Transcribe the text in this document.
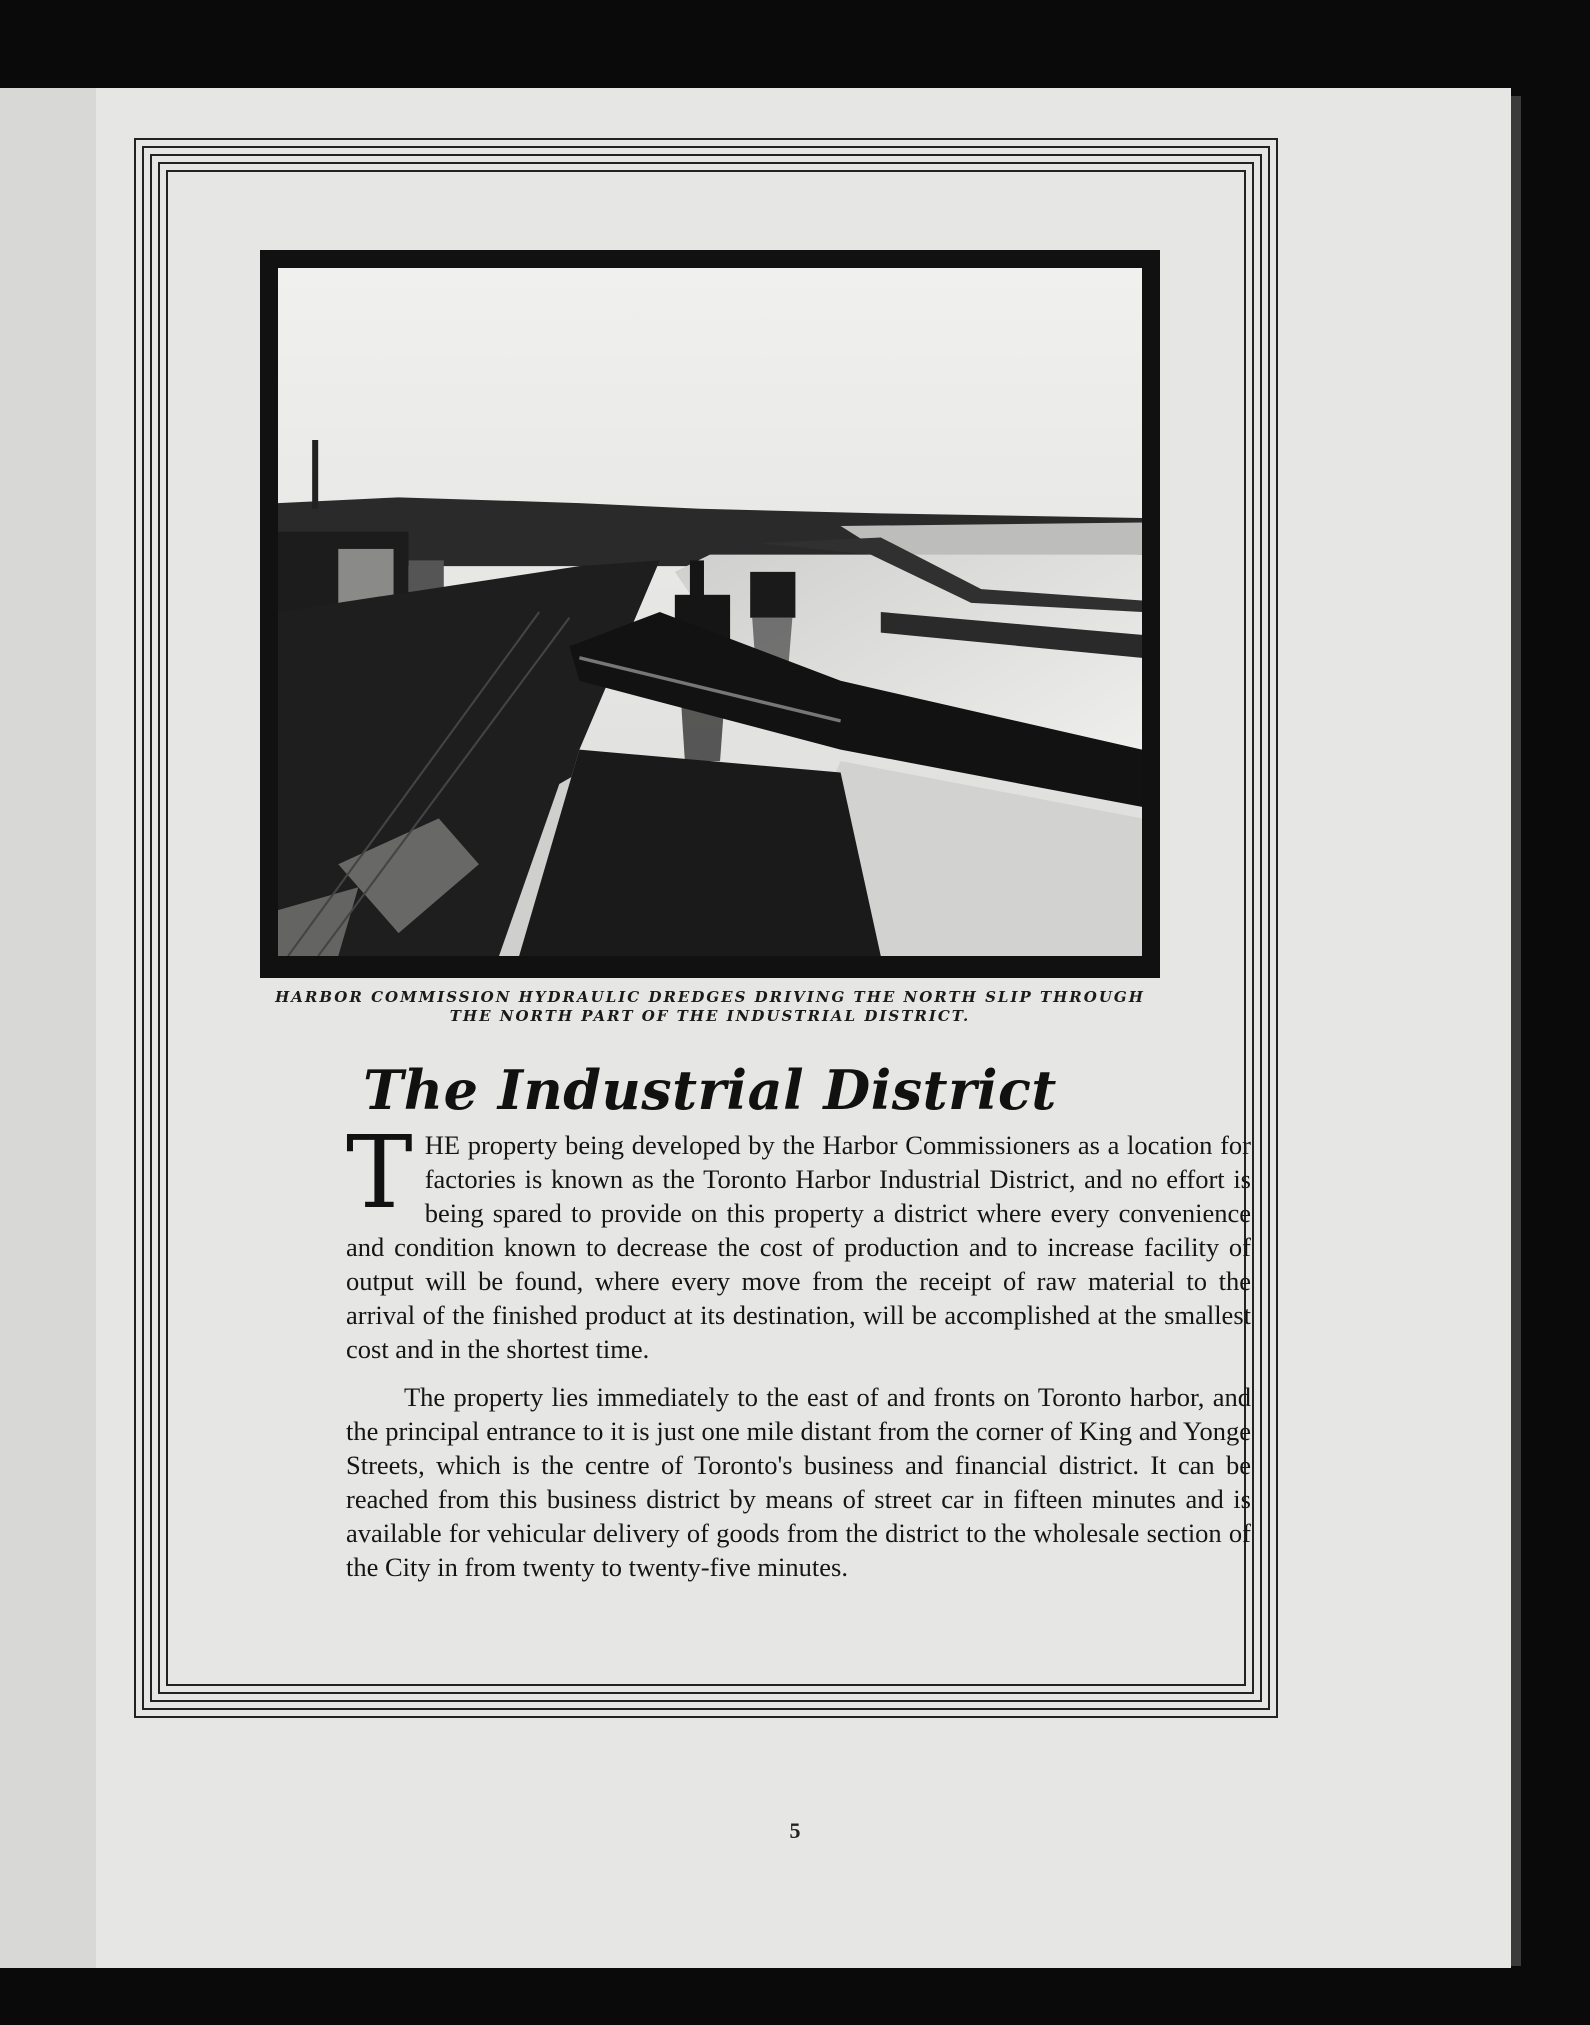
HARBOR COMMISSION HYDRAULIC DREDGES DRIVING THE NORTH SLIP THROUGH
THE NORTH PART OF THE INDUSTRIAL DISTRICT.
The Industrial District

THE property being developed by the Harbor Commissioners as a location for factories is known as the Toronto Harbor Industrial District, and no effort is being spared to provide on this property a district where every convenience and condition known to decrease the cost of production and to increase facility of output will be found, where every move from the receipt of raw material to the arrival of the finished product at its destination, will be accomplished at the smallest cost and in the shortest time.

The property lies immediately to the east of and fronts on Toronto harbor, and the principal entrance to it is just one mile distant from the corner of King and Yonge Streets, which is the centre of Toronto's business and financial district. It can be reached from this business district by means of street car in fifteen minutes and is available for vehicular delivery of goods from the district to the wholesale section of the City in from twenty to twenty-five minutes.

5
